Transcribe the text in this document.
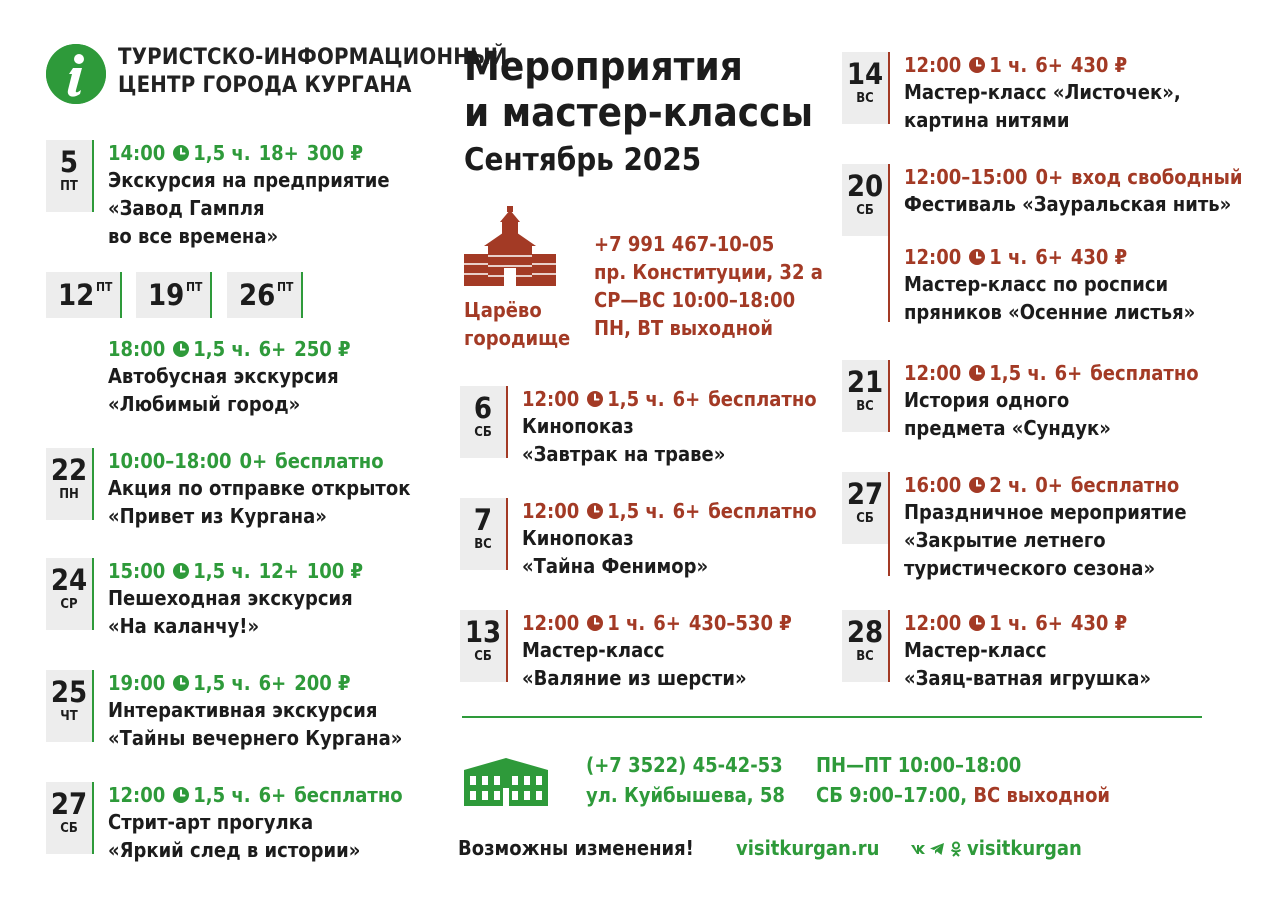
ТУРИСТСКО-ИНФОРМАЦИОННЫЙ
ЦЕНТР ГОРОДА КУРГАНА	Мероприятия
и мастер-классы
Сентябрь 2025
5
ПТ
14:00 1,5 ч. 18+ 300 ₽
Экскурсия на предприятие
«Завод Гампля
во все времена»
12 ПТ 19 ПТ 26 ПТ
18:00 1,5 ч. 6+ 250 ₽
Автобусная экскурсия
«Любимый город»
22
ПН
10:00–18:00 0+ бесплатно
Акция по отправке открыток
«Привет из Кургана»
24
СР
15:00 1,5 ч. 12+ 100 ₽
Пешеходная экскурсия
«На каланчу!»
25
ЧТ
19:00 1,5 ч. 6+ 200 ₽
Интерактивная экскурсия
«Тайны вечернего Кургана»
27
СБ
12:00 1,5 ч. 6+ бесплатно
Стрит-арт прогулка
«Яркий след в истории»
Царёво
городище
+7 991 467-10-05
пр. Конституции, 32 а
СР—ВС 10:00–18:00
ПН, ВТ выходной
6
СБ
12:00 1,5 ч. 6+ бесплатно
Кинопоказ
«Завтрак на траве»
7
ВС
12:00 1,5 ч. 6+ бесплатно
Кинопоказ
«Тайна Фенимор»
13
СБ
12:00 1 ч. 6+ 430–530 ₽
Мастер-класс
«Валяние из шерсти»
14
ВС
12:00 1 ч. 6+ 430 ₽
Мастер-класс «Листочек»,
картина нитями
20
СБ
12:00–15:00 0+ вход свободный
Фестиваль «Зауральская нить»
12:00 1 ч. 6+ 430 ₽
Мастер-класс по росписи
пряников «Осенние листья»
21
ВС
12:00 1,5 ч. 6+ бесплатно
История одного
предмета «Сундук»
27
СБ
16:00 2 ч. 0+ бесплатно
Праздничное мероприятие
«Закрытие летнего
туристического сезона»
28
ВС
12:00 1 ч. 6+ 430 ₽
Мастер-класс
«Заяц-ватная игрушка»
(+7 3522) 45-42-53
ул. Куйбышева, 58
ПН—ПТ 10:00–18:00
СБ 9:00–17:00, ВС выходной
Возможны изменения! visitkurgan.ru	visitkurgan
